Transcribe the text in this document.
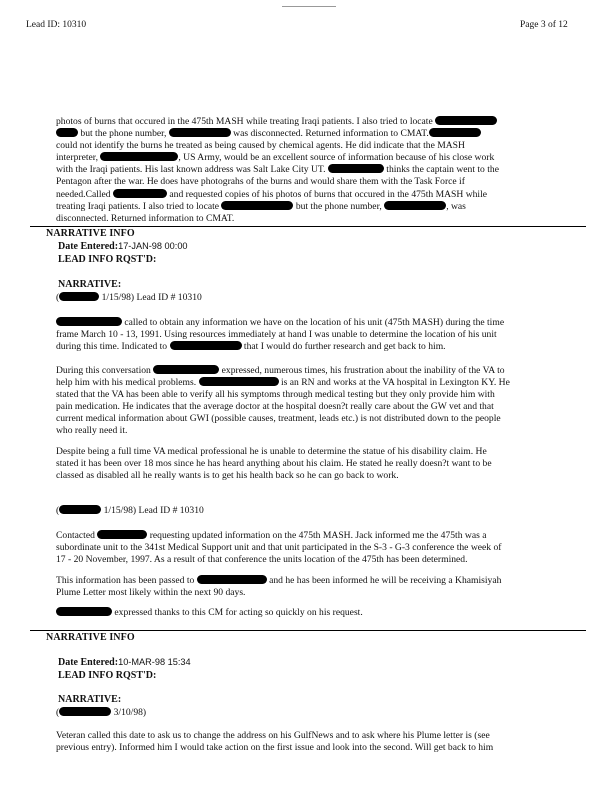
Lead ID: 10310	Page 3 of 12
photos of burns that occured in the 475th MASH while treating Iraqi patients. I also tried to locate
but the phone number,	was disconnected. Returned information to CMAT.
could not identify the burns he treated as being caused by chemical agents. He did indicate that the MASH
interpreter,	, US Army, would be an excellent source of information because of his close work
with the Iraqi patients. His last known address was Salt Lake City UT.	thinks the captain went to the
Pentagon after the war. He does have photograhs of the burns and would share them with the Task Force if
needed.Called	and requested copies of his photos of burns that occured in the 475th MASH while
treating Iraqi patients. I also tried to locate	but the phone number,	, was
disconnected. Returned information to CMAT.
NARRATIVE INFO
Date Entered:17-JAN-98 00:00
LEAD INFO RQST'D:
NARRATIVE:
(	1/15/98) Lead ID # 10310
called to obtain any information we have on the location of his unit (475th MASH) during the time
frame March 10 - 13, 1991. Using resources immediately at hand I was unable to determine the location of his unit
during this time. Indicated to	that I would do further research and get back to him.
During this conversation	expressed, numerous times, his frustration about the inability of the VA to
help him with his medical problems.	is an RN and works at the VA hospital in Lexington KY. He
stated that the VA has been able to verify all his symptoms through medical testing but they only provide him with
pain medication. He indicates that the average doctor at the hospital doesn?t really care about the GW vet and that
current medical information about GWI (possible causes, treatment, leads etc.) is not distributed down to the people
who really need it.
Despite being a full time VA medical professional he is unable to determine the statue of his disability claim. He
stated it has been over 18 mos since he has heard anything about his claim. He stated he really doesn?t want to be
classed as disabled all he really wants is to get his health back so he can go back to work.
(	1/15/98) Lead ID # 10310
Contacted	requesting updated information on the 475th MASH. Jack informed me the 475th was a
subordinate unit to the 341st Medical Support unit and that unit participated in the S-3 - G-3 conference the week of
17 - 20 November, 1997. As a result of that conference the units location of the 475th has been determined.
This information has been passed to	and he has been informed he will be receiving a Khamisiyah
Plume Letter most likely within the next 90 days.
expressed thanks to this CM for acting so quickly on his request.
NARRATIVE INFO
Date Entered:10-MAR-98 15:34
LEAD INFO RQST'D:
NARRATIVE:
(	3/10/98)
Veteran called this date to ask us to change the address on his GulfNews and to ask where his Plume letter is (see
previous entry). Informed him I would take action on the first issue and look into the second. Will get back to him
